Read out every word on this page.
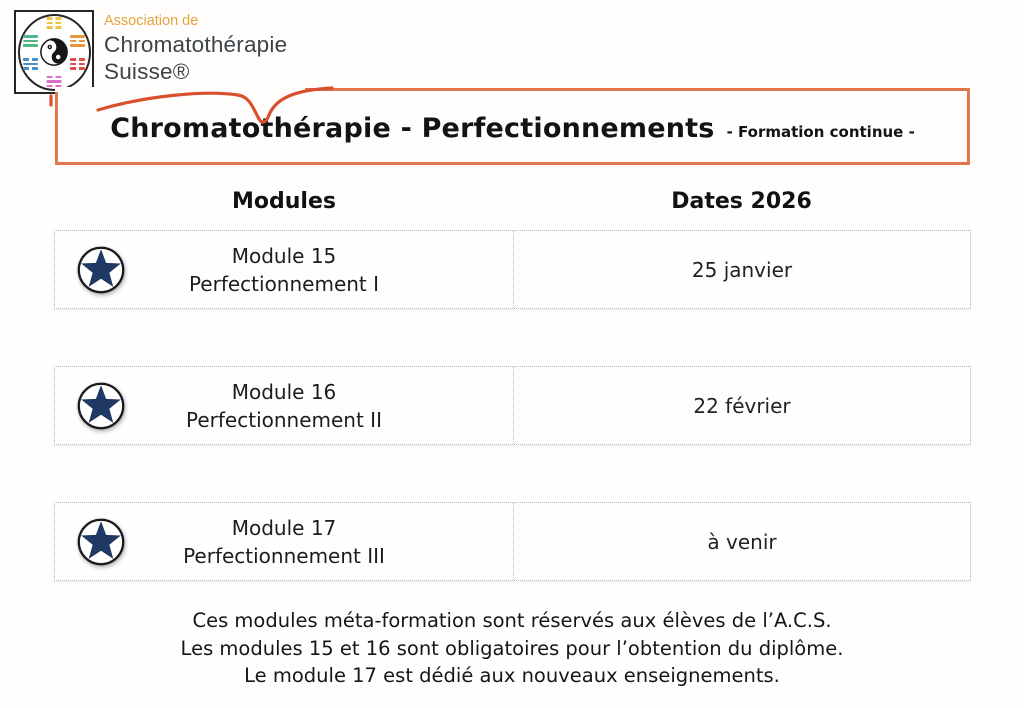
Association de

Chromatothérapie

Suisse®

Chromatothérapie - Perfectionnements - Formation continue -
Modules	Dates 2026
Module 15
Perfectionnement I
25 janvier
Module 16
Perfectionnement II
22 février
Module 17
Perfectionnement III
à venir
Ces modules méta-formation sont réservés aux élèves de l’A.C.S.
Les modules 15 et 16 sont obligatoires pour l’obtention du diplôme.
Le module 17 est dédié aux nouveaux enseignements.
